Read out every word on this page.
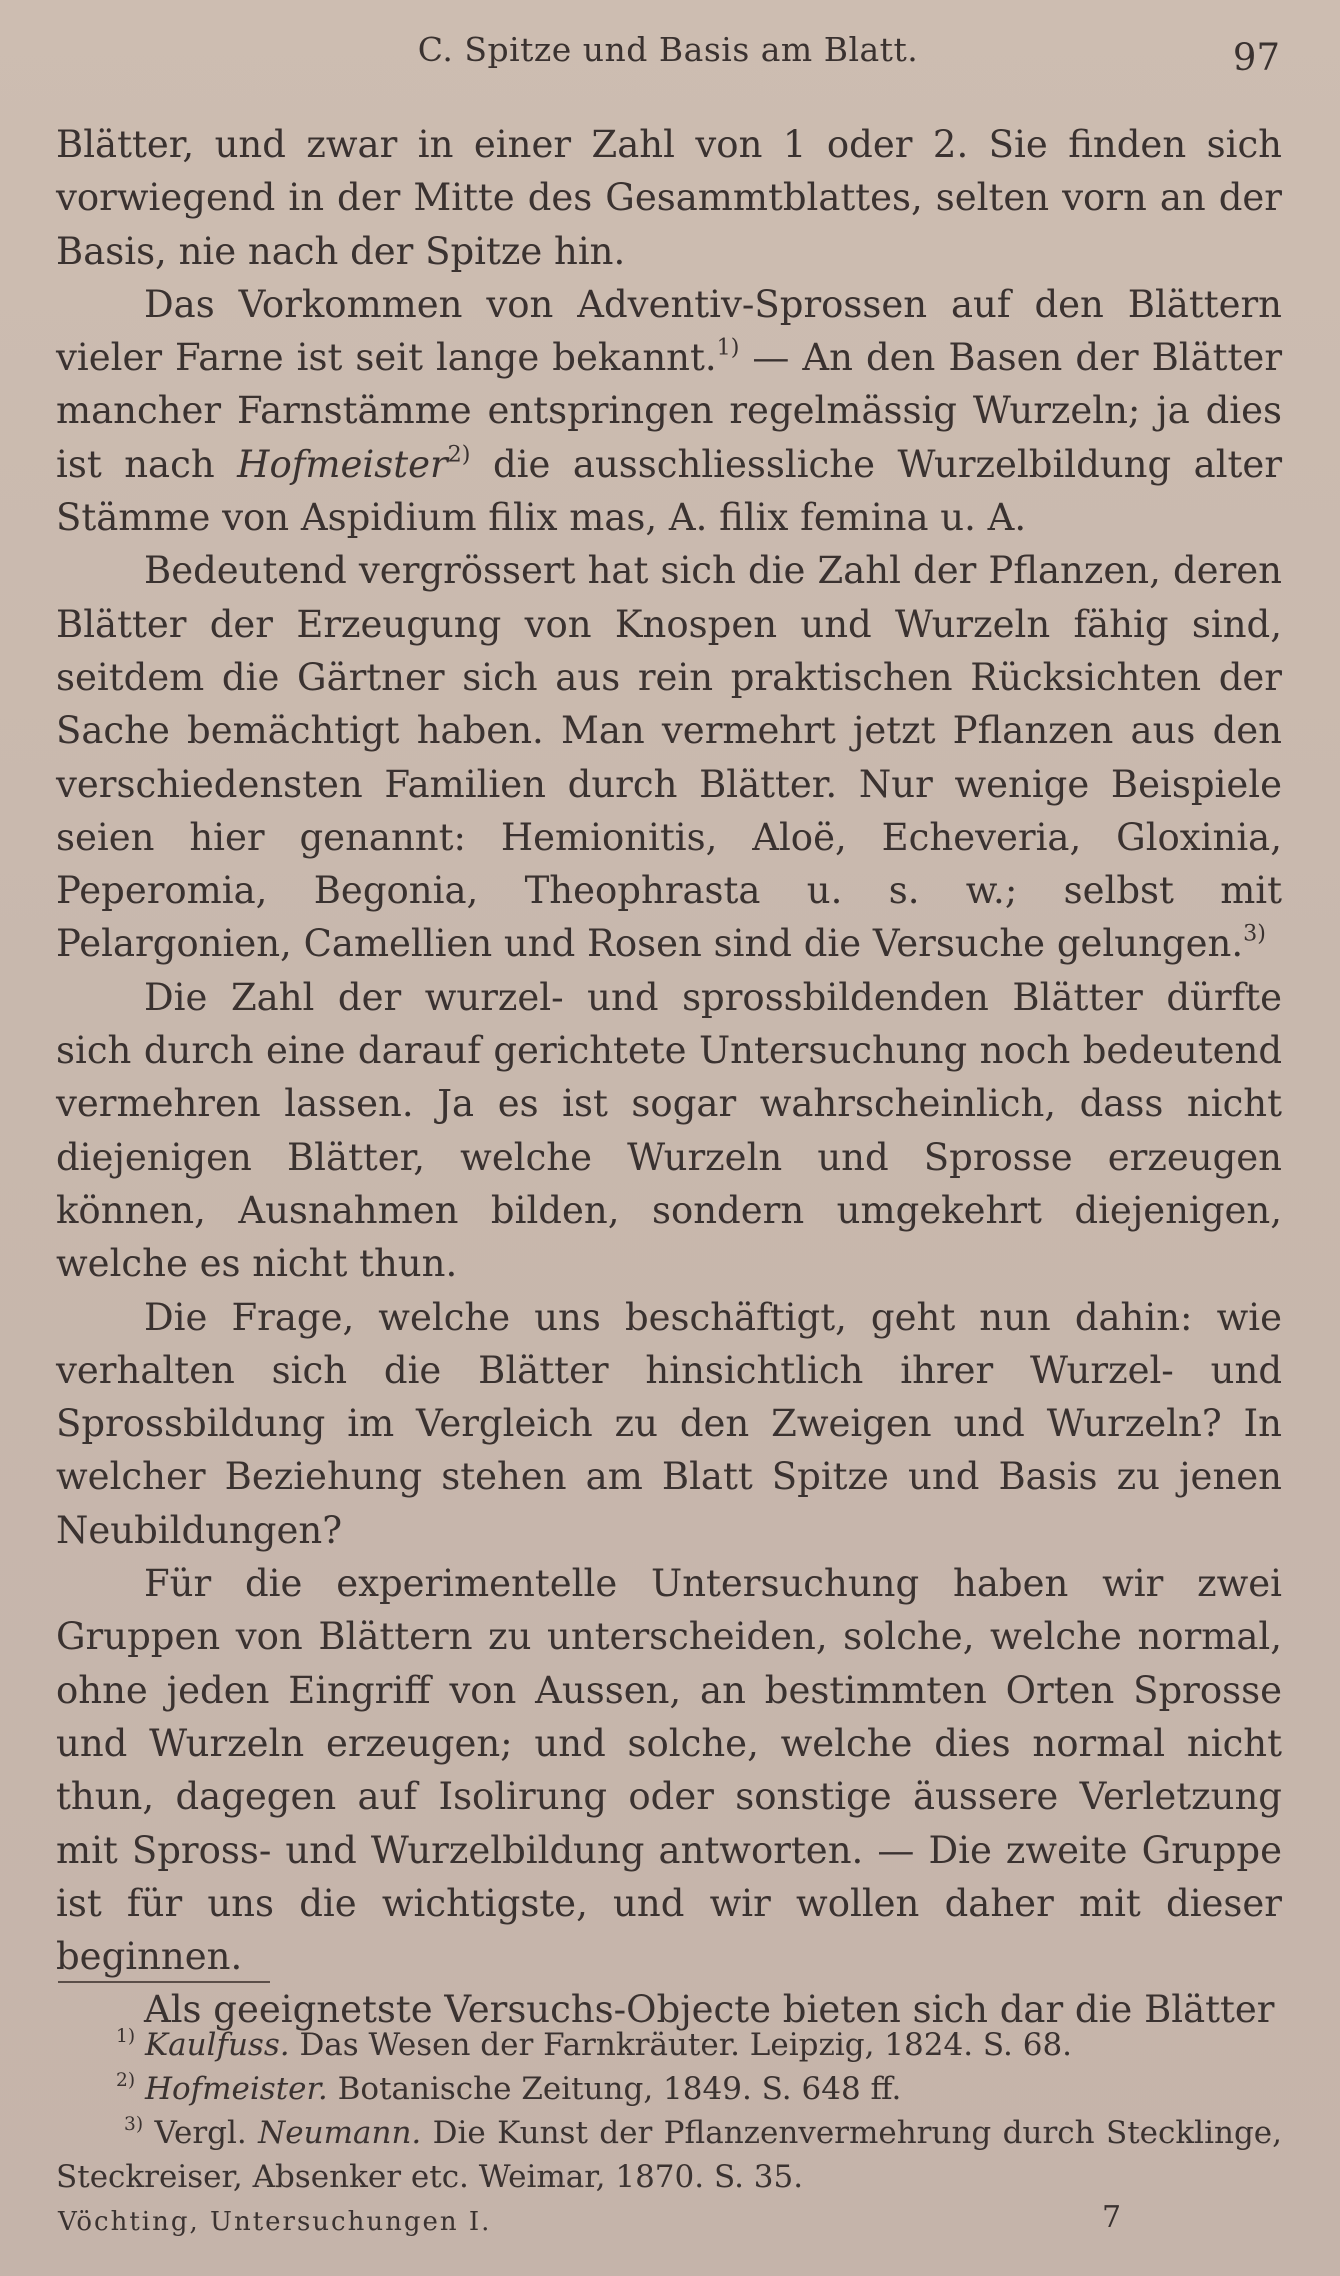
C. Spitze und Basis am Blatt.	97

Blätter, und zwar in einer Zahl von 1 oder 2. Sie finden sich vorwiegend in der Mitte des Gesammtblattes, selten vorn an der Basis, nie nach der Spitze hin.

Das Vorkommen von Adventiv-Sprossen auf den Blättern vieler Farne ist seit lange bekannt.$^{1)}$ — An den Basen der Blätter mancher Farnstämme entspringen regelmässig Wurzeln; ja dies ist nach Hofmeister$^{2)}$ die ausschliessliche Wurzelbildung alter Stämme von Aspidium filix mas, A. filix femina u. A.

Bedeutend vergrössert hat sich die Zahl der Pflanzen, deren Blätter der Erzeugung von Knospen und Wurzeln fähig sind, seitdem die Gärtner sich aus rein praktischen Rücksichten der Sache bemächtigt haben. Man vermehrt jetzt Pflanzen aus den verschiedensten Familien durch Blätter. Nur wenige Beispiele seien hier genannt: Hemionitis, Aloë, Echeveria, Gloxinia, Peperomia, Begonia, Theophrasta u. s. w.; selbst mit Pelargonien, Camellien und Rosen sind die Versuche gelungen.$^{3)}$

Die Zahl der wurzel- und sprossbildenden Blätter dürfte sich durch eine darauf gerichtete Untersuchung noch bedeutend vermehren lassen. Ja es ist sogar wahrscheinlich, dass nicht diejenigen Blätter, welche Wurzeln und Sprosse erzeugen können, Ausnahmen bilden, sondern umgekehrt diejenigen, welche es nicht thun.

Die Frage, welche uns beschäftigt, geht nun dahin: wie verhalten sich die Blätter hinsichtlich ihrer Wurzel- und Sprossbildung im Vergleich zu den Zweigen und Wurzeln? In welcher Beziehung stehen am Blatt Spitze und Basis zu jenen Neubildungen?

Für die experimentelle Untersuchung haben wir zwei Gruppen von Blättern zu unterscheiden, solche, welche normal, ohne jeden Eingriff von Aussen, an bestimmten Orten Sprosse und Wurzeln erzeugen; und solche, welche dies normal nicht thun, dagegen auf Isolirung oder sonstige äussere Verletzung mit Spross- und Wurzelbildung antworten. — Die zweite Gruppe ist für uns die wichtigste, und wir wollen daher mit dieser beginnen.

Als geeignetste Versuchs-Objecte bieten sich dar die Blätter

$^{1)}$ Kaulfuss. Das Wesen der Farnkräuter. Leipzig, 1824. S. 68.

$^{2)}$ Hofmeister. Botanische Zeitung, 1849. S. 648 ff.

$^{3)}$ Vergl. Neumann. Die Kunst der Pflanzenvermehrung durch Stecklinge, Steckreiser, Absenker etc. Weimar, 1870. S. 35.

Vöchting, Untersuchungen I.	7
